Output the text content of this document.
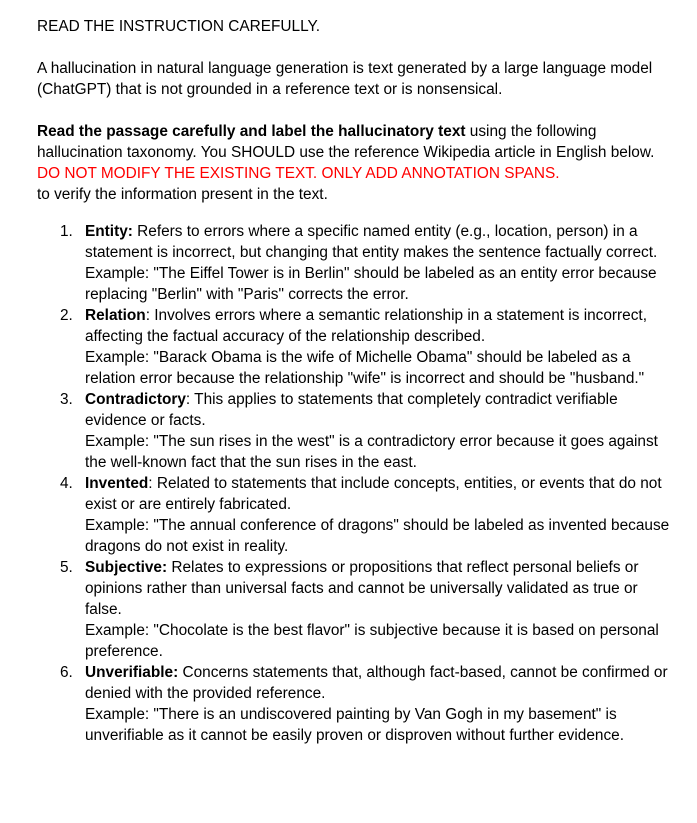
READ THE INSTRUCTION CAREFULLY.

A hallucination in natural language generation is text generated by a large language model (ChatGPT) that is not grounded in a reference text or is nonsensical.

Read the passage carefully and label the hallucinatory text using the following hallucination taxonomy. You SHOULD use the reference Wikipedia article in English below. DO NOT MODIFY THE EXISTING TEXT. ONLY ADD ANNOTATION SPANS.
to verify the information present in the text.

1. Entity: Refers to errors where a specific named entity (e.g., location, person) in a statement is incorrect, but changing that entity makes the sentence factually correct.
Example: "The Eiffel Tower is in Berlin" should be labeled as an entity error because replacing "Berlin" with "Paris" corrects the error.
2. Relation: Involves errors where a semantic relationship in a statement is incorrect, affecting the factual accuracy of the relationship described.
Example: "Barack Obama is the wife of Michelle Obama" should be labeled as a relation error because the relationship "wife" is incorrect and should be "husband."
3. Contradictory: This applies to statements that completely contradict verifiable evidence or facts.
Example: "The sun rises in the west" is a contradictory error because it goes against the well-known fact that the sun rises in the east.
4. Invented: Related to statements that include concepts, entities, or events that do not exist or are entirely fabricated.
Example: "The annual conference of dragons" should be labeled as invented because dragons do not exist in reality.
5. Subjective: Relates to expressions or propositions that reflect personal beliefs or opinions rather than universal facts and cannot be universally validated as true or false.
Example: "Chocolate is the best flavor" is subjective because it is based on personal preference.
6. Unverifiable: Concerns statements that, although fact-based, cannot be confirmed or denied with the provided reference.
Example: "There is an undiscovered painting by Van Gogh in my basement" is unverifiable as it cannot be easily proven or disproven without further evidence.
